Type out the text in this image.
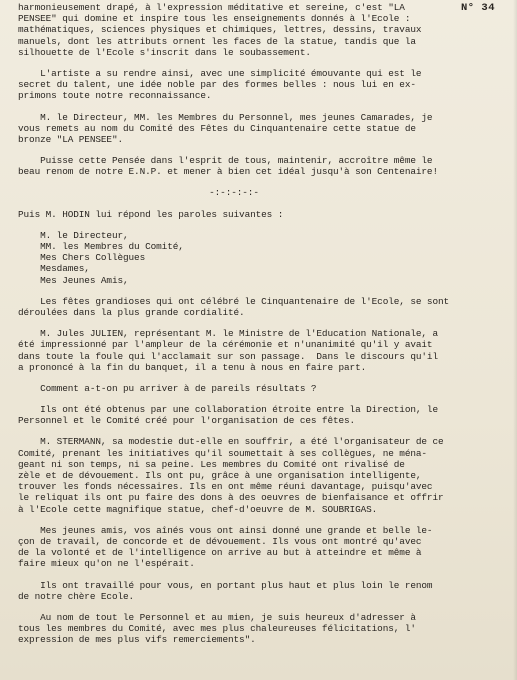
N° 34
harmonieusement drapé, à l'expression méditative et sereine, c'est "LA
PENSEE" qui domine et inspire tous les enseignements donnés à l'Ecole :
mathématiques, sciences physiques et chimiques, lettres, dessins, travaux
manuels, dont les attributs ornent les faces de la statue, tandis que la
silhouette de l'Ecole s'inscrit dans le soubassement.
L'artiste a su rendre ainsi, avec une simplicité émouvante qui est le
secret du talent, une idée noble par des formes belles : nous lui en ex-
primons toute notre reconnaissance.
M. le Directeur, MM. les Membres du Personnel, mes jeunes Camarades, je
vous remets au nom du Comité des Fêtes du Cinquantenaire cette statue de
bronze "LA PENSEE".
Puisse cette Pensée dans l'esprit de tous, maintenir, accroître même le
beau renom de notre E.N.P. et mener à bien cet idéal jusqu'à son Centenaire!
-:-:-:-:-
Puis M. HODIN lui répond les paroles suivantes :
M. le Directeur,
MM. les Membres du Comité,
Mes Chers Collègues
Mesdames,
Mes Jeunes Amis,
Les fêtes grandioses qui ont célébré le Cinquantenaire de l'Ecole, se sont
déroulées dans la plus grande cordialité.
M. Jules JULIEN, représentant M. le Ministre de l'Education Nationale, a
été impressionné par l'ampleur de la cérémonie et n'unanimité qu'il y avait
dans toute la foule qui l'acclamait sur son passage.  Dans le discours qu'il
a prononcé à la fin du banquet, il a tenu à nous en faire part.
Comment a-t-on pu arriver à de pareils résultats ?
Ils ont été obtenus par une collaboration étroite entre la Direction, le
Personnel et le Comité créé pour l'organisation de ces fêtes.
M. STERMANN, sa modestie dut-elle en souffrir, a été l'organisateur de ce
Comité, prenant les initiatives qu'il soumettait à ses collègues, ne ména-
geant ni son temps, ni sa peine. Les membres du Comité ont rivalisé de
zèle et de dévouement. Ils ont pu, grâce à une organisation intelligente,
trouver les fonds nécessaires. Ils en ont même réuni davantage, puisqu'avec
le reliquat ils ont pu faire des dons à des oeuvres de bienfaisance et offrir
à l'Ecole cette magnifique statue, chef-d'oeuvre de M. SOUBRIGAS.
Mes jeunes amis, vos aînés vous ont ainsi donné une grande et belle le-
çon de travail, de concorde et de dévouement. Ils vous ont montré qu'avec
de la volonté et de l'intelligence on arrive au but à atteindre et même à
faire mieux qu'on ne l'espérait.
Ils ont travaillé pour vous, en portant plus haut et plus loin le renom
de notre chère Ecole.
Au nom de tout le Personnel et au mien, je suis heureux d'adresser à
tous les membres du Comité, avec mes plus chaleureuses félicitations, l'
expression de mes plus vifs remerciements".
